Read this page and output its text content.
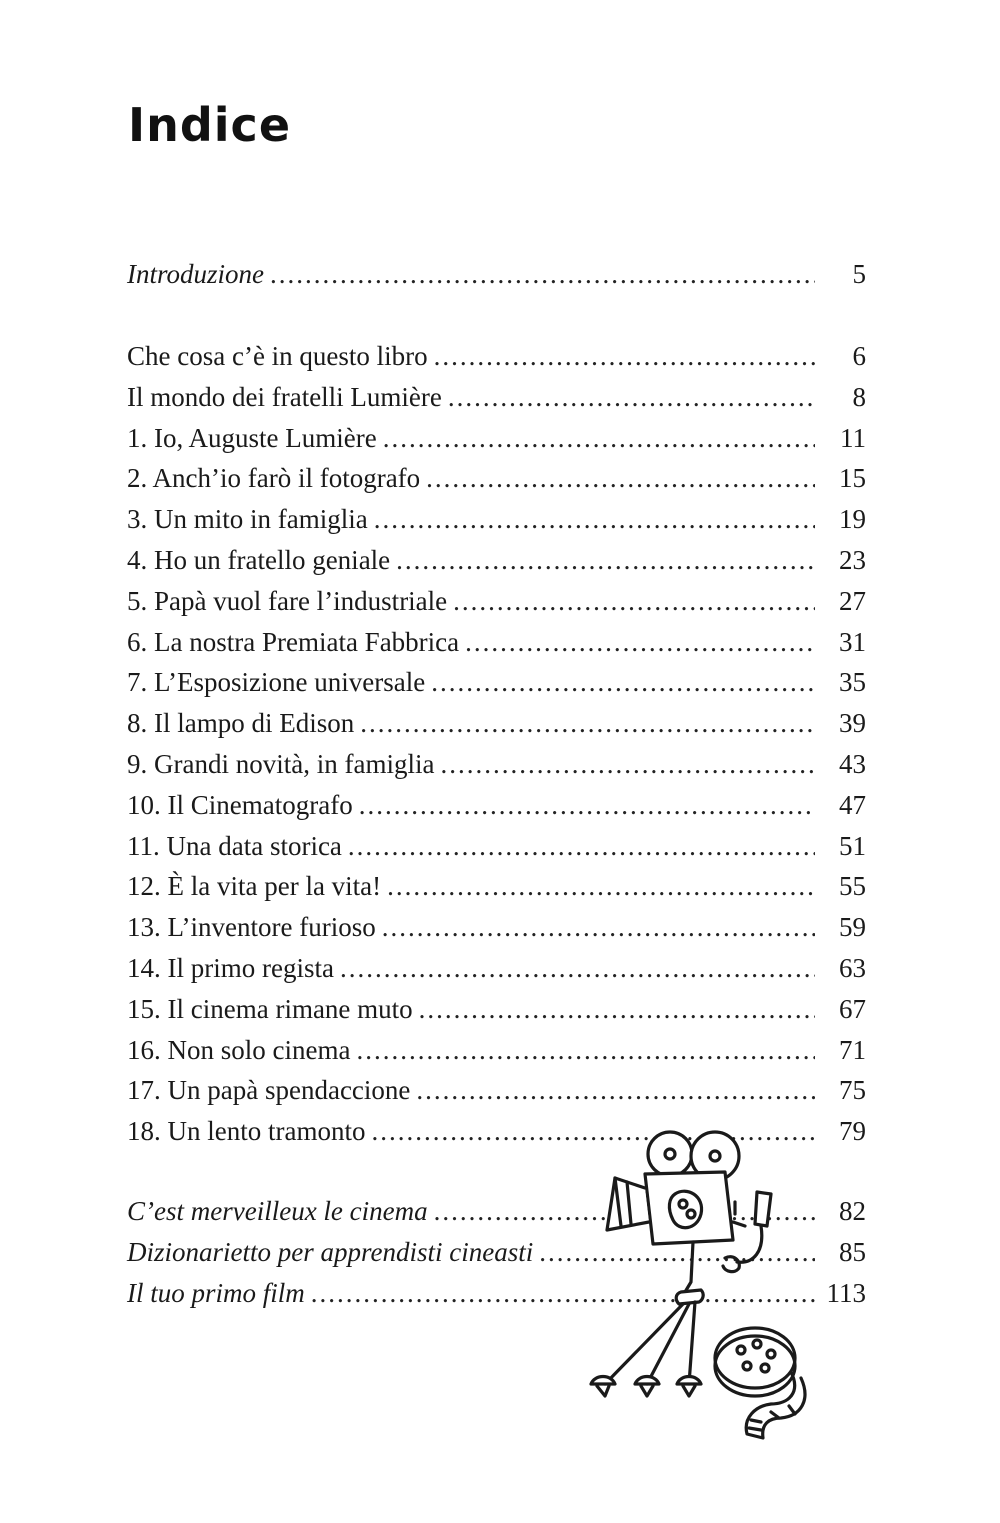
Indice
Introduzione .....	5
Che cosa c’è in questo libro .....	6
Il mondo dei fratelli Lumière .....	8
1. Io, Auguste Lumière .....	11
2. Anch’io farò il fotografo .....	15
3. Un mito in famiglia .....	19
4. Ho un fratello geniale .....	23
5. Papà vuol fare l’industriale .....	27
6. La nostra Premiata Fabbrica .....	31
7. L’Esposizione universale .....	35
8. Il lampo di Edison .....	39
9. Grandi novità, in famiglia .....	43
10. Il Cinematografo .....	47
11. Una data storica .....	51
12. È la vita per la vita! .....	55
13. L’inventore furioso .....	59
14. Il primo regista .....	63
15. Il cinema rimane muto .....	67
16. Non solo cinema .....	71
17. Un papà spendaccione .....	75
18. Un lento tramonto .....	79
C’est merveilleux le cinema .....	82
Dizionarietto per apprendisti cineasti .....	85
Il tuo primo film .....	113
